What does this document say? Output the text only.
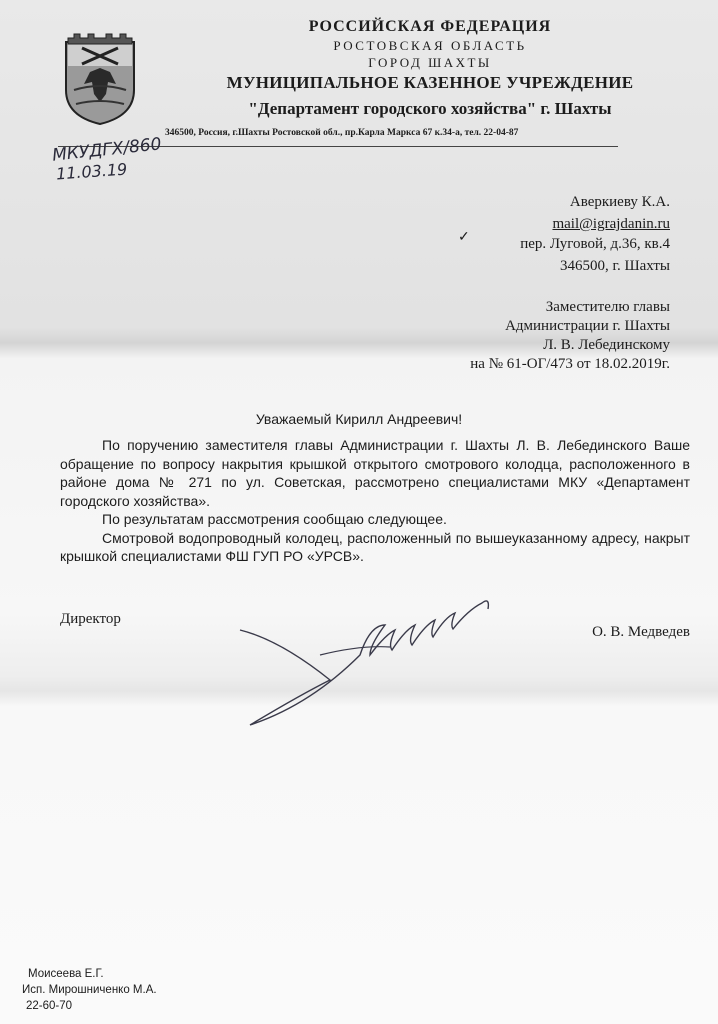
РОССИЙСКАЯ ФЕДЕРАЦИЯ
РОСТОВСКАЯ ОБЛАСТЬ
ГОРОД ШАХТЫ
МУНИЦИПАЛЬНОЕ КАЗЕННОЕ УЧРЕЖДЕНИЕ
"Департамент городского хозяйства" г. Шахты
346500, Россия, г.Шахты Ростовской обл., пр.Карла Маркса 67 к.34-а, тел. 22-04-87
МКУДГХ/860
11.03.19
Аверкиеву К.А.
mail@igrajdanin.ru
✓	пер. Луговой, д.36, кв.4
346500, г. Шахты
Заместителю главы
Администрации г. Шахты
Л. В. Лебединскому
на № 61-ОГ/473 от 18.02.2019г.
Уважаемый Кирилл Андреевич!

По поручению заместителя главы Администрации г. Шахты Л. В. Лебединского Ваше обращение по вопросу накрытия крышкой открытого смотрового колодца, расположенного в районе дома № 271 по ул. Советская, рассмотрено специалистами МКУ «Департамент городского хозяйства».

По результатам рассмотрения сообщаю следующее.

Смотровой водопроводный колодец, расположенный по вышеуказанному адресу, накрыт крышкой специалистами ФШ ГУП РО «УРСВ».

Директор
О. В. Медведев
Моисеева Е.Г.
Исп. Мирошниченко М.А.
22-60-70
